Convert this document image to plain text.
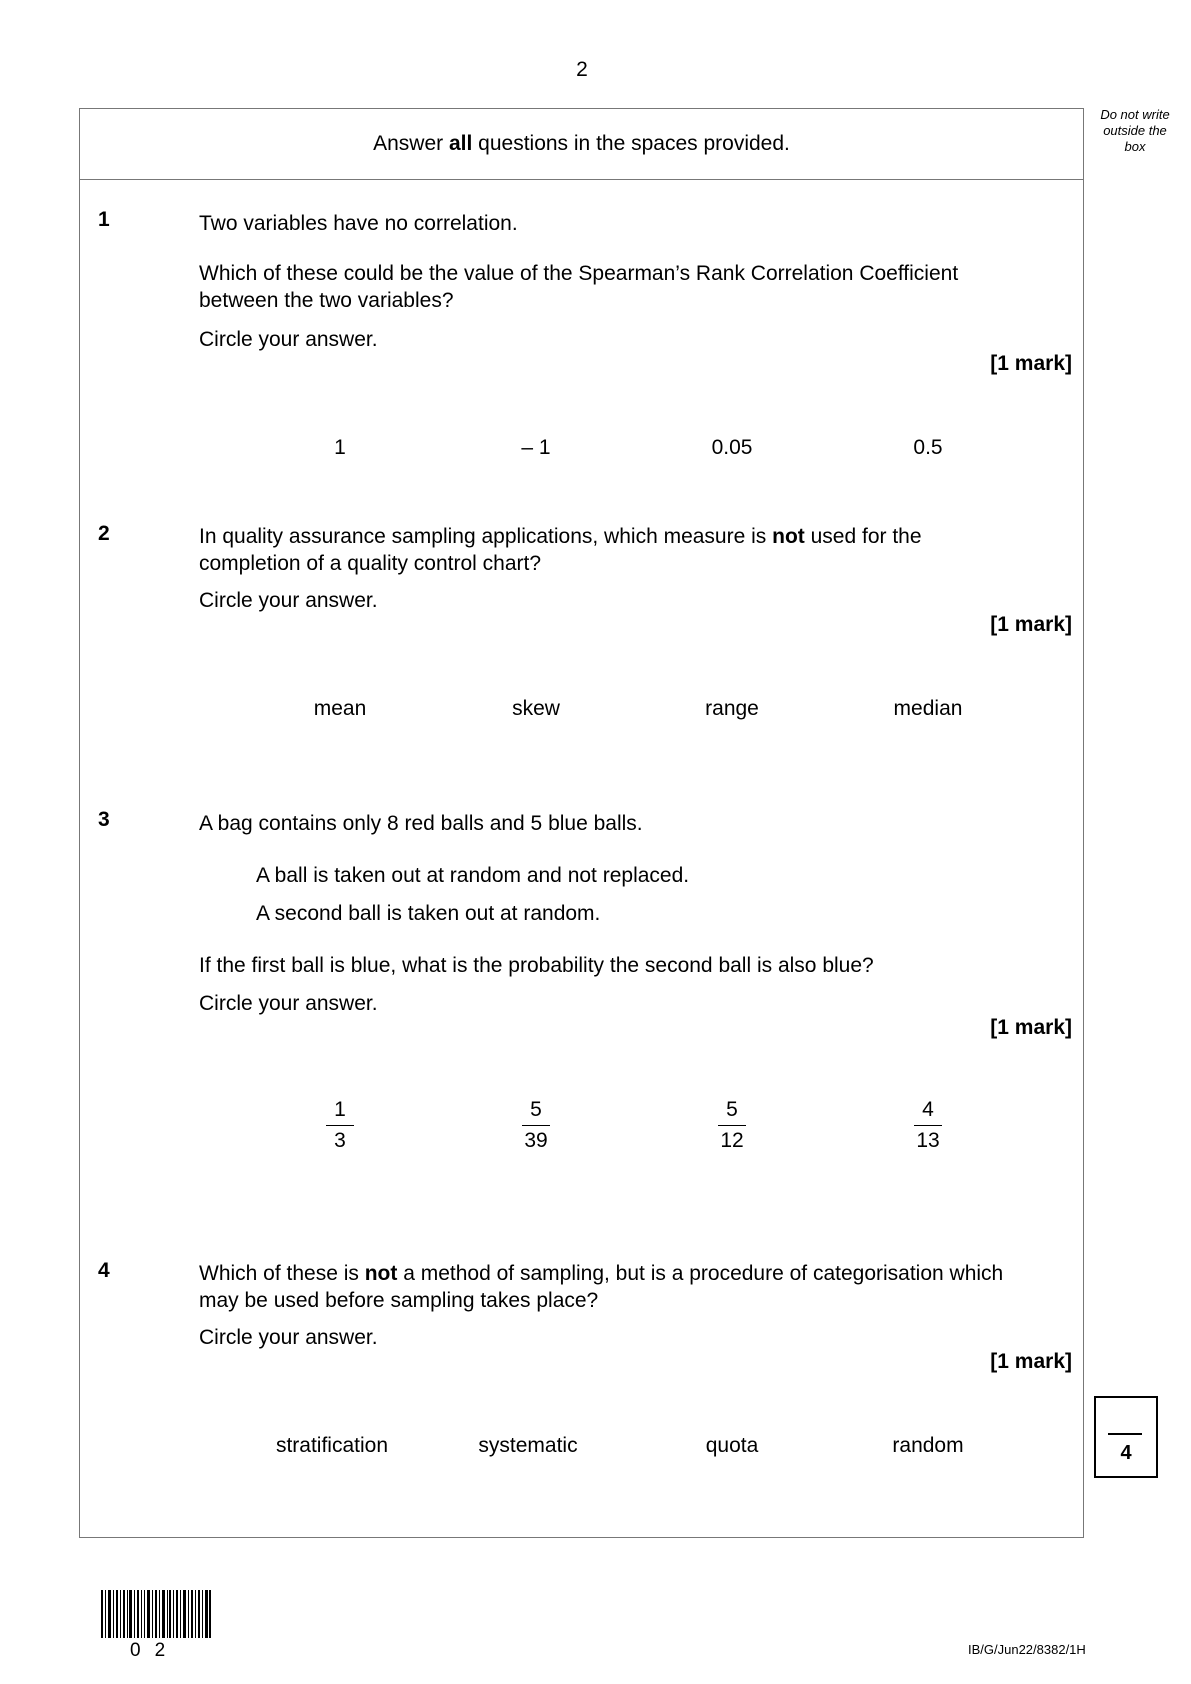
2
Do not write
outside the
box
Answer all questions in the spaces provided.
1	Two variables have no correlation.
Which of these could be the value of the Spearman’s Rank Correlation Coefficient
between the two variables?
Circle your answer.
[1 mark]
1	– 1	0.05	0.5
2	In quality assurance sampling applications, which measure is not used for the
completion of a quality control chart?
Circle your answer.
[1 mark]
mean	skew	range	median
3	A bag contains only 8 red balls and 5 blue balls.
A ball is taken out at random and not replaced.
A second ball is taken out at random.
If the first ball is blue, what is the probability the second ball is also blue?
Circle your answer.
[1 mark]
1
3
5
39
5
12
4
13
4	Which of these is not a method of sampling, but is a procedure of categorisation which
may be used before sampling takes place?
Circle your answer.
[1 mark]
stratification	systematic	quota	random	4
02	IB/G/Jun22/8382/1H
